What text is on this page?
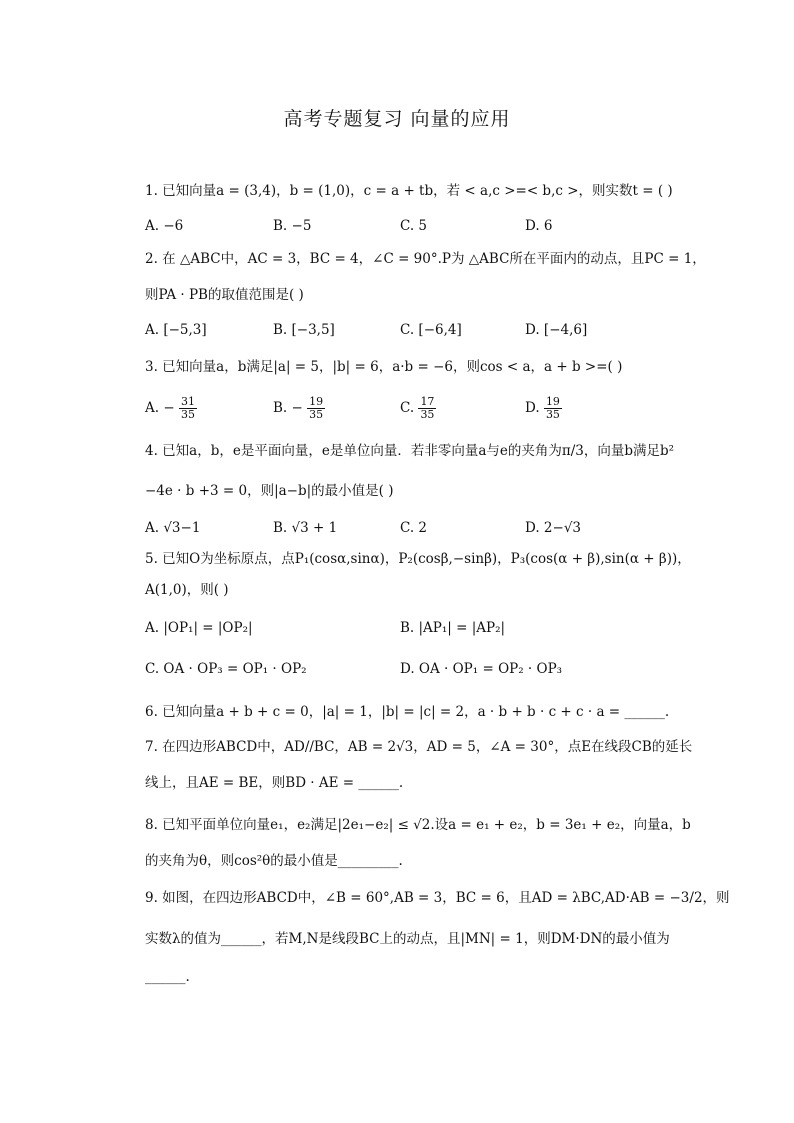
高考专题复习 向量的应用
1. 已知向量a = (3,4)，b = (1,0)，c = a + tb，若 < a,c >=< b,c >，则实数t = ( )
A. −6	B. −5	C. 5	D. 6
2. 在 △ABC中，AC = 3，BC = 4，∠C = 90°.P为 △ABC所在平面内的动点，且PC = 1，
则PA · PB的取值范围是( )
A. [−5,3]	B. [−3,5]	C. [−6,4]	D. [−4,6]
3. 已知向量a，b满足|a| = 5，|b| = 6，a·b = −6，则cos < a，a + b >=( )
A. − $\frac{31}{35}$	B. − $\frac{19}{35}$	C. $\frac{17}{35}$	D. $\frac{19}{35}$
4. 已知a，b，e是平面向量，e是单位向量．若非零向量a与e的夹角为π/3，向量b满足b²
−4e · b +3 = 0，则|a−b|的最小值是( )
A. √3−1	B. √3 + 1	C. 2	D. 2−√3
5. 已知O为坐标原点，点P₁(cosα,sinα)，P₂(cosβ,−sinβ)，P₃(cos(α + β),sin(α + β))，
A(1,0)，则( )
A. |OP₁| = |OP₂|	B. |AP₁| = |AP₂|
C. OA · OP₃ = OP₁ · OP₂	D. OA · OP₁ = OP₂ · OP₃
6. 已知向量a + b + c = 0，|a| = 1，|b| = |c| = 2，a · b + b · c + c · a = ______.
7. 在四边形ABCD中，AD//BC，AB = 2√3，AD = 5，∠A = 30°，点E在线段CB的延长
线上，且AE = BE，则BD · AE = ______.
8. 已知平面单位向量e₁，e₂满足|2e₁−e₂| ≤ √2.设a = e₁ + e₂，b = 3e₁ + e₂，向量a，b
的夹角为θ，则cos²θ的最小值是_________.
9. 如图，在四边形ABCD中，∠B = 60°,AB = 3，BC = 6，且AD = λBC,AD·AB = −3/2，则
实数λ的值为______，若M,N是线段BC上的动点，且|MN| = 1，则DM·DN的最小值为
______.
